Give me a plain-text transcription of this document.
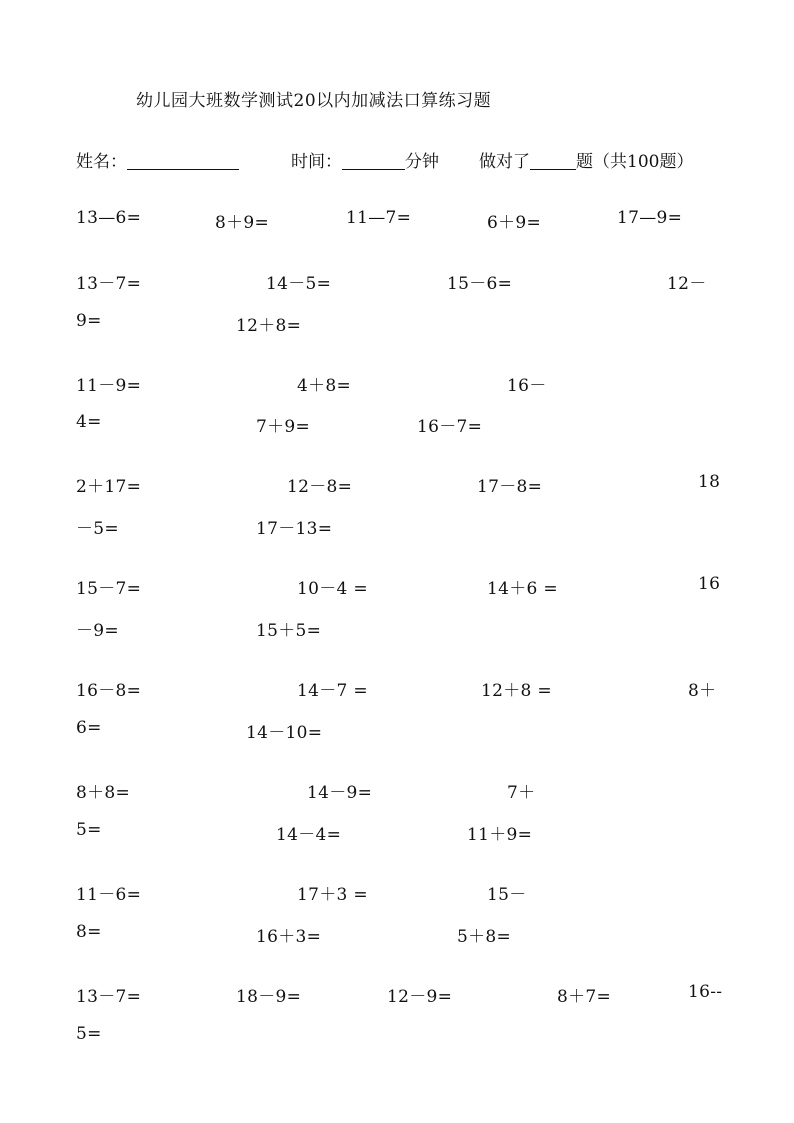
幼儿园大班数学测试20以内加减法口算练习题
姓名：	时间：	分钟 做对了	题（共100题）
13—6=	8＋9=	11—7=	6＋9=	17—9=
13－7=	14－5=	15－6=	12－
9=	12＋8=
11－9=	4＋8=	16－
4=	7＋9=	16－7=
2＋17=	12－8=	17－8=	18
－5=	17－13=
15－7=	10－4 =	14＋6 =	16
－9=	15＋5=
16－8=	14－7 =	12＋8 =	8＋
6=	14－10=
8＋8=	14－9=	7＋
5=	14－4=	11＋9=
11－6=	17＋3 =	15－
8=	16＋3=	5＋8=
13－7=	18－9=	12－9=	8＋7=	16--
5=
